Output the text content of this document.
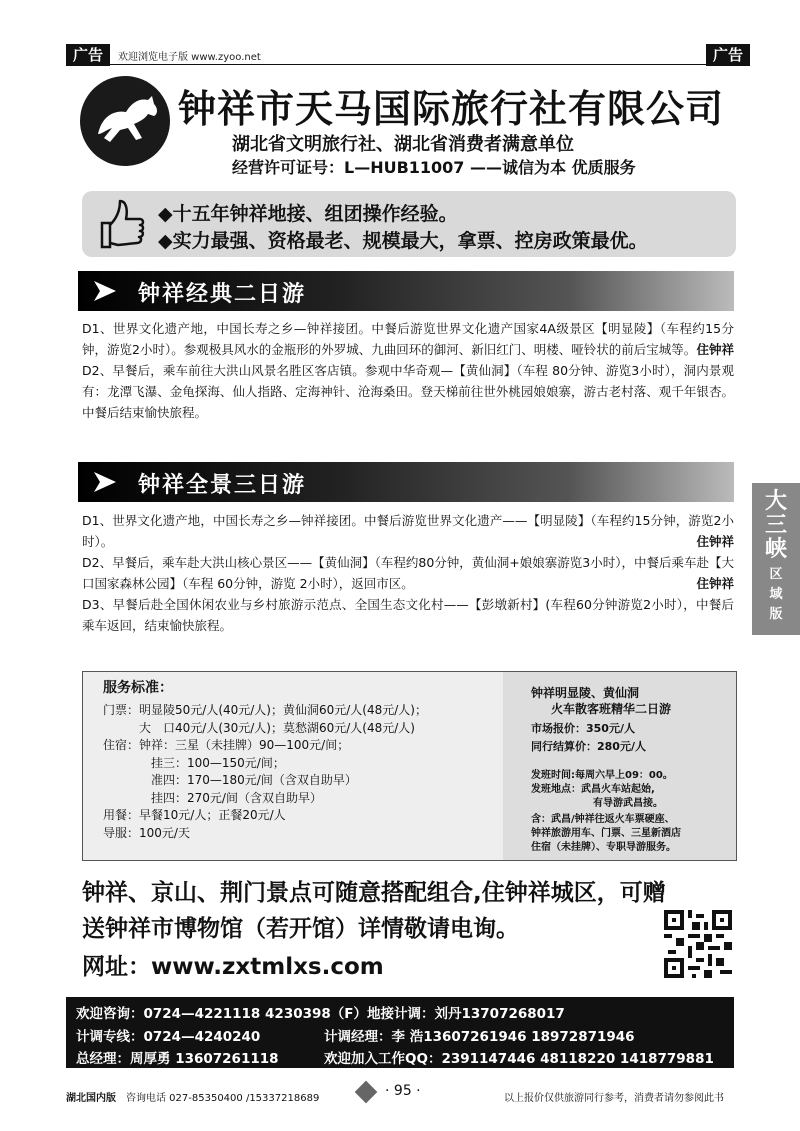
广告	欢迎浏览电子版 www.zyoo.net	广告
钟祥市天马国际旅行社有限公司
湖北省文明旅行社、湖北省消费者满意单位
经营许可证号：L—HUB11007 ——诚信为本 优质服务
◆十五年钟祥地接、组团操作经验。
◆实力最强、资格最老、规模最大，拿票、控房政策最优。
钟祥经典二日游

D1、世界文化遗产地，中国长寿之乡—钟祥接团。中餐后游览世界文化遗产国家4A级景区【明显陵】（车程约15分钟，游览2小时）。参观极具风水的金瓶形的外罗城、九曲回环的御河、新旧红门、明楼、哑铃状的前后宝城等。 住钟祥

D2、早餐后，乘车前往大洪山风景名胜区客店镇。参观中华奇观—【黄仙洞】（车程 80分钟、游览3小时），洞内景观有：龙潭飞瀑、金龟探海、仙人指路、定海神针、沧海桑田。登天梯前往世外桃园娘娘寨，游古老村落、观千年银杏。中餐后结束愉快旅程。

钟祥全景三日游

D1、世界文化遗产地，中国长寿之乡—钟祥接团。中餐后游览世界文化遗产——【明显陵】（车程约15分钟，游览2小时）。	住钟祥

D2、早餐后，乘车赴大洪山核心景区——【黄仙洞】（车程约80分钟，黄仙洞+娘娘寨游览3小时），中餐后乘车赴【大口国家森林公园】（车程 60分钟，游览 2小时），返回市区。	住钟祥

D3、早餐后赴全国休闲农业与乡村旅游示范点、全国生态文化村——【彭墩新村】(车程60分钟游览2小时），中餐后乘车返回，结束愉快旅程。

大
三
峡
区
域
版
服务标准：
门票：明显陵50元/人(40元/人)；黄仙洞60元/人(48元/人)；
　　　大　口40元/人(30元/人)；莫愁湖60元/人(48元/人)
住宿：钟祥：三星（未挂牌）90—100元/间；
　　　　挂三：100—150元/间；
　　　　准四：170—180元/间（含双自助早）
　　　　挂四：270元/间（含双自助早）
用餐：早餐10元/人；正餐20元/人
导服：100元/天
钟祥明显陵、黄仙洞
火车散客班精华二日游
市场报价：350元/人
同行结算价：280元/人
发班时间:每周六早上09：00。
发班地点：武昌火车站起始,
有导游武昌接。
含：武昌/钟祥往返火车票硬座、
钟祥旅游用车、门票、三星新酒店
住宿（未挂牌）、专职导游服务。
钟祥、京山、荆门景点可随意搭配组合,住钟祥城区，可赠
送钟祥市博物馆（若开馆）详情敬请电询。
网址：www.zxtmlxs.com
欢迎咨询：0724—4221118 4230398（F）地接计调：刘丹13707268017
计调专线：0724—4240240	计调经理：李 浩13607261946 18972871946
总经理：周厚勇 13607261118	欢迎加入工作QQ：2391147446 48118220 1418779881
湖北国内版 咨询电话 027-85350400 /15337218689	· 95 ·	以上报价仅供旅游同行参考，消费者请勿参阅此书
